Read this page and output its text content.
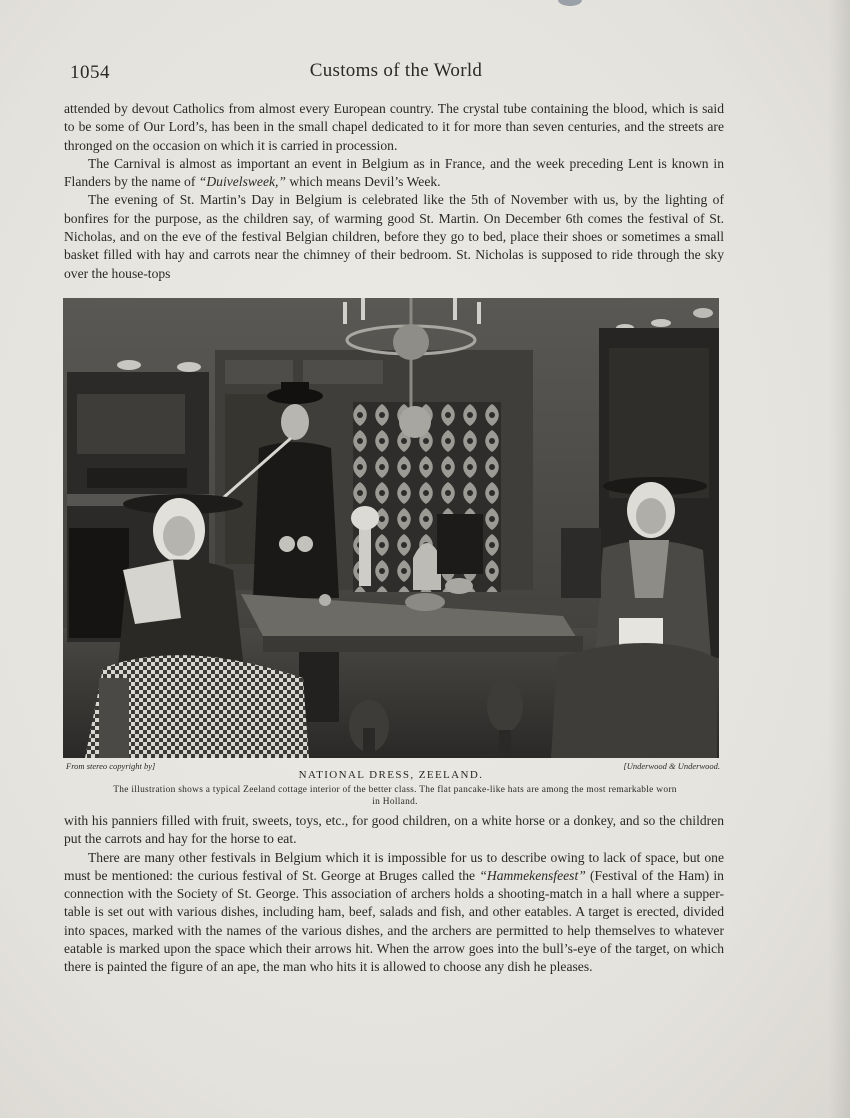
1054	Customs of the World

attended by devout Catholics from almost every European country. The crystal tube containing the blood, which is said to be some of Our Lord’s, has been in the small chapel dedicated to it for more than seven centuries, and the streets are thronged on the occasion on which it is carried in procession.

The Carnival is almost as important an event in Belgium as in France, and the week preceding Lent is known in Flanders by the name of “Duivelsweek,” which means Devil’s Week.

The evening of St. Martin’s Day in Belgium is celebrated like the 5th of November with us, by the lighting of bonfires for the purpose, as the children say, of warming good St. Martin. On December 6th comes the festival of St. Nicholas, and on the eve of the festival Belgian children, before they go to bed, place their shoes or sometimes a small basket filled with hay and carrots near the chimney of their bedroom. St. Nicholas is supposed to ride through the sky over the house-tops

From stereo copyright by]	[Underwood & Underwood.
NATIONAL DRESS, ZEELAND.
The illustration shows a typical Zeeland cottage interior of the better class. The flat pancake-like hats are among the most remarkable worn in Holland.

with his panniers filled with fruit, sweets, toys, etc., for good children, on a white horse or a donkey, and so the children put the carrots and hay for the horse to eat.

There are many other festivals in Belgium which it is impossible for us to describe owing to lack of space, but one must be mentioned: the curious festival of St. George at Bruges called the “Hammekensfeest” (Festival of the Ham) in connection with the Society of St. George. This association of archers holds a shooting-match in a hall where a supper-table is set out with various dishes, including ham, beef, salads and fish, and other eatables. A target is erected, divided into spaces, marked with the names of the various dishes, and the archers are permitted to help themselves to whatever eatable is marked upon the space which their arrows hit. When the arrow goes into the bull’s-eye of the target, on which there is painted the figure of an ape, the man who hits it is allowed to choose any dish he pleases.
